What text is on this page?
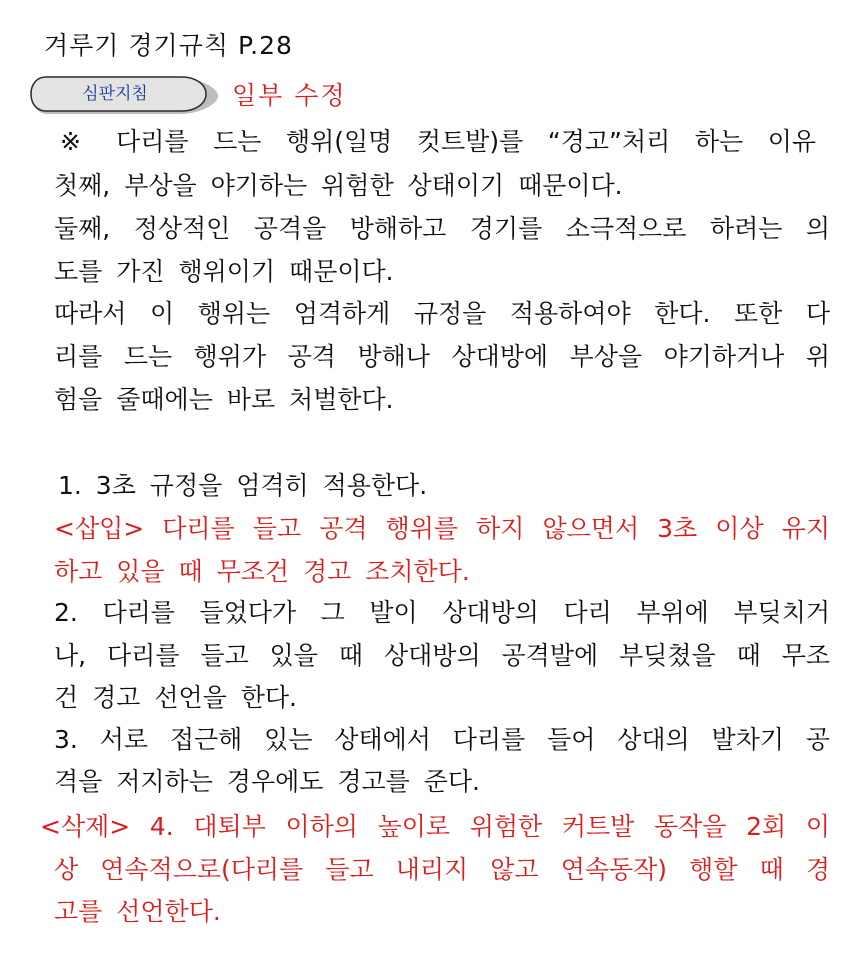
겨루기 경기규칙 P.28
심판지침	일부 수정
※ 다리를 드는 행위(일명 컷트발)를 “경고”처리 하는 이유
첫째, 부상을 야기하는 위험한 상태이기 때문이다.
둘째, 정상적인 공격을 방해하고 경기를 소극적으로 하려는 의
도를 가진 행위이기 때문이다.
따라서 이 행위는 엄격하게 규정을 적용하여야 한다. 또한 다
리를 드는 행위가 공격 방해나 상대방에 부상을 야기하거나 위
험을 줄때에는 바로 처벌한다.
1. 3초 규정을 엄격히 적용한다.
<삽입> 다리를 들고 공격 행위를 하지 않으면서 3초 이상 유지
하고 있을 때 무조건 경고 조치한다.
2. 다리를 들었다가 그 발이 상대방의 다리 부위에 부딪치거
나, 다리를 들고 있을 때 상대방의 공격발에 부딪쳤을 때 무조
건 경고 선언을 한다.
3. 서로 접근해 있는 상태에서 다리를 들어 상대의 발차기 공
격을 저지하는 경우에도 경고를 준다.
<삭제> 4. 대퇴부 이하의 높이로 위험한 커트발 동작을 2회 이
상 연속적으로(다리를 들고 내리지 않고 연속동작) 행할 때 경
고를 선언한다.
